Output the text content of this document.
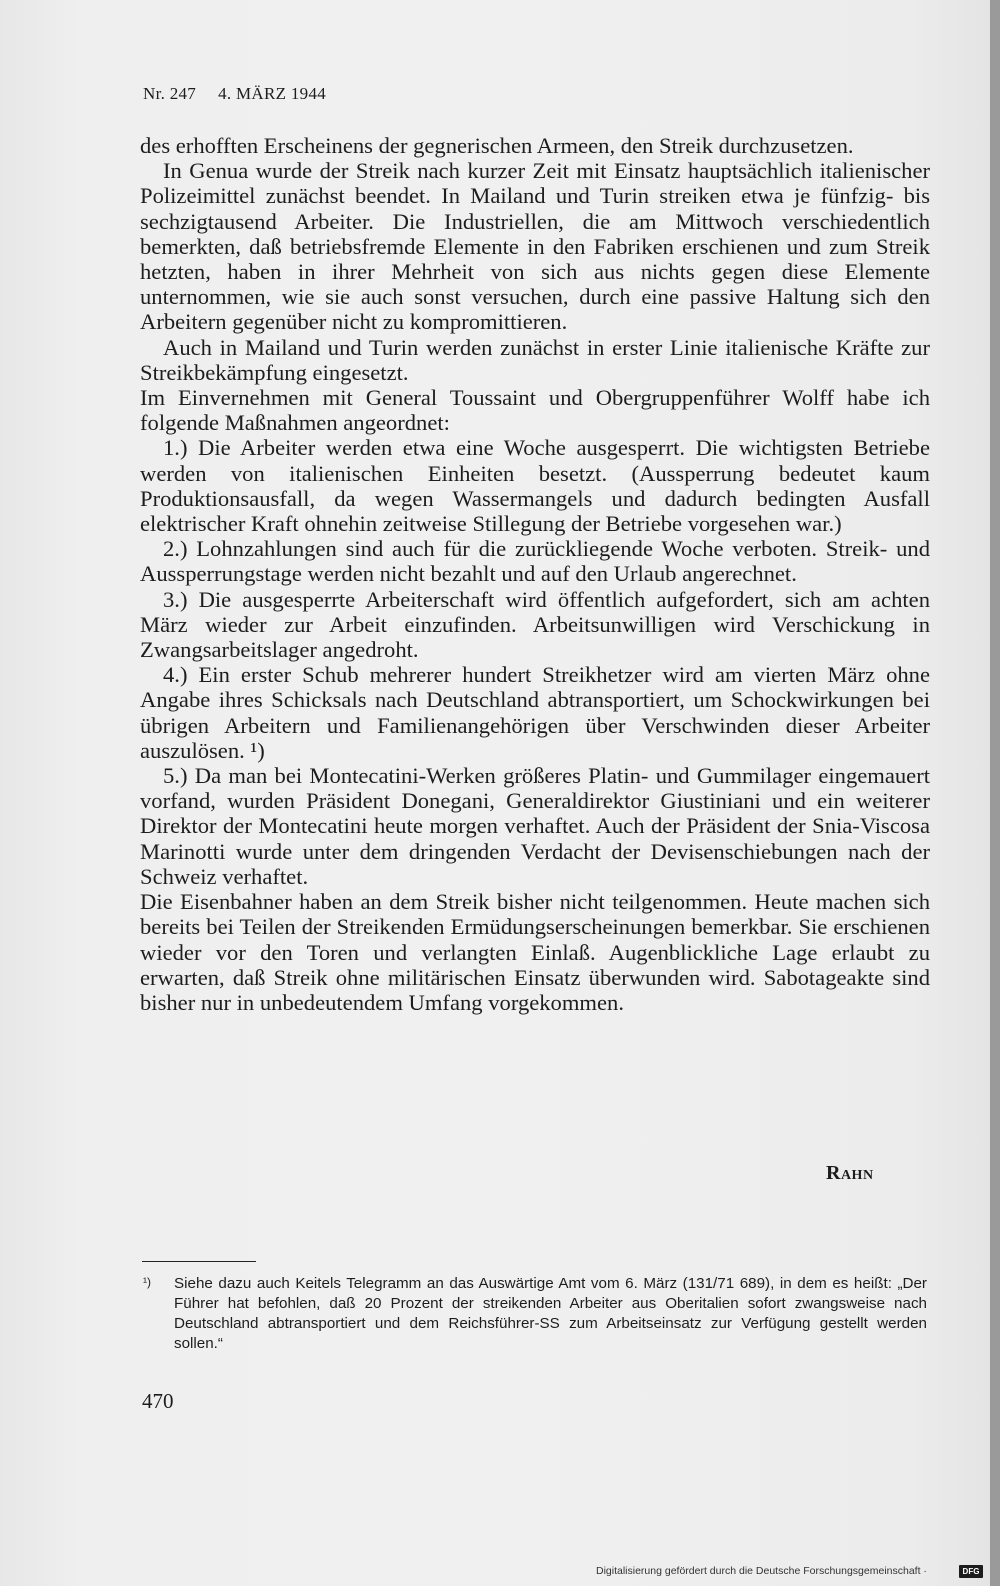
Nr. 247 4. MÄRZ 1944

des erhofften Erscheinens der gegnerischen Armeen, den Streik durchzusetzen.

In Genua wurde der Streik nach kurzer Zeit mit Einsatz hauptsächlich italienischer Polizeimittel zunächst beendet. In Mailand und Turin streiken etwa je fünfzig- bis sechzigtausend Arbeiter. Die Industriellen, die am Mittwoch verschiedentlich bemerkten, daß betriebsfremde Elemente in den Fabriken erschienen und zum Streik hetzten, haben in ihrer Mehrheit von sich aus nichts gegen diese Elemente unternommen, wie sie auch sonst versuchen, durch eine passive Haltung sich den Arbeitern gegenüber nicht zu kompromittieren.

Auch in Mailand und Turin werden zunächst in erster Linie italienische Kräfte zur Streikbekämpfung eingesetzt.

Im Einvernehmen mit General Toussaint und Obergruppenführer Wolff habe ich folgende Maßnahmen angeordnet:

1.) Die Arbeiter werden etwa eine Woche ausgesperrt. Die wichtigsten Betriebe werden von italienischen Einheiten besetzt. (Aussperrung bedeutet kaum Produktionsausfall, da wegen Wassermangels und dadurch bedingten Ausfall elektrischer Kraft ohnehin zeitweise Stillegung der Betriebe vorgesehen war.)

2.) Lohnzahlungen sind auch für die zurückliegende Woche verboten. Streik- und Aussperrungstage werden nicht bezahlt und auf den Urlaub angerechnet.

3.) Die ausgesperrte Arbeiterschaft wird öffentlich aufgefordert, sich am achten März wieder zur Arbeit einzufinden. Arbeitsunwilligen wird Verschickung in Zwangsarbeitslager angedroht.

4.) Ein erster Schub mehrerer hundert Streikhetzer wird am vierten März ohne Angabe ihres Schicksals nach Deutschland abtransportiert, um Schockwirkungen bei übrigen Arbeitern und Familienangehörigen über Verschwinden dieser Arbeiter auszulösen. ¹)

5.) Da man bei Montecatini-Werken größeres Platin- und Gummilager eingemauert vorfand, wurden Präsident Donegani, Generaldirektor Giustiniani und ein weiterer Direktor der Montecatini heute morgen verhaftet. Auch der Präsident der Snia-Viscosa Marinotti wurde unter dem dringenden Verdacht der Devisenschiebungen nach der Schweiz verhaftet.

Die Eisenbahner haben an dem Streik bisher nicht teilgenommen. Heute machen sich bereits bei Teilen der Streikenden Ermüdungserscheinungen bemerkbar. Sie erschienen wieder vor den Toren und verlangten Einlaß. Augenblickliche Lage erlaubt zu erwarten, daß Streik ohne militärischen Einsatz überwunden wird. Sabotageakte sind bisher nur in unbedeutendem Umfang vorgekommen.

Rahn
¹) Siehe dazu auch Keitels Telegramm an das Auswärtige Amt vom 6. März (131/71 689), in dem es heißt: „Der Führer hat befohlen, daß 20 Prozent der streikenden Arbeiter aus Oberitalien sofort zwangsweise nach Deutschland abtransportiert und dem Reichsführer-SS zum Arbeitseinsatz zur Verfügung gestellt werden sollen.“
470
Digitalisierung gefördert durch die Deutsche Forschungsgemeinschaft ·	DFG
